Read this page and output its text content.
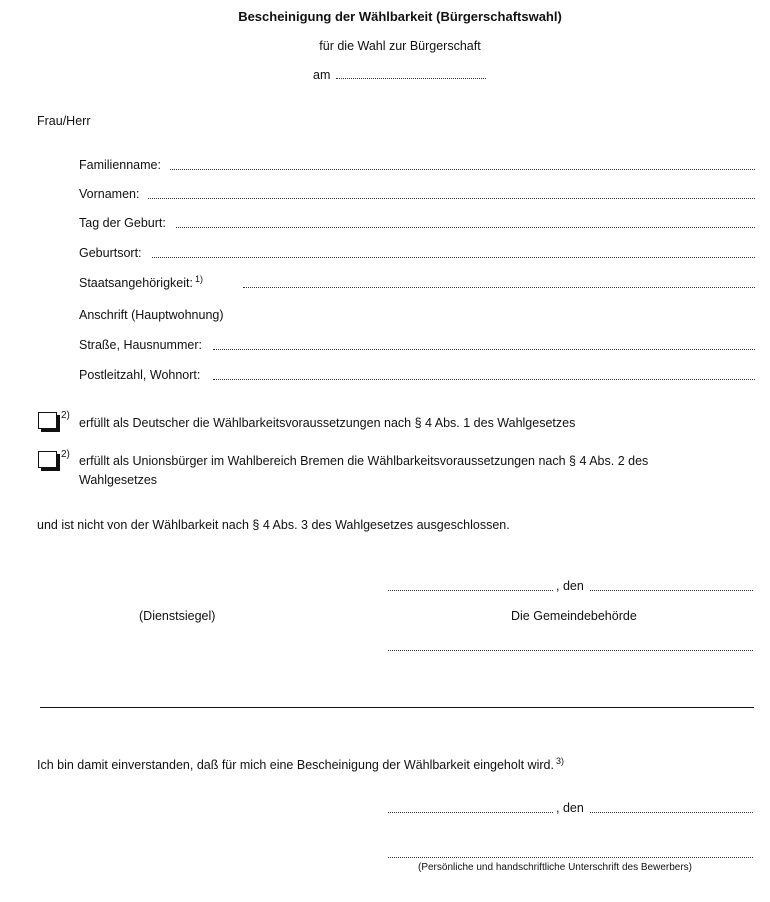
Bescheinigung der Wählbarkeit (Bürgerschaftswahl)
für die Wahl zur Bürgerschaft
am
Frau/Herr
Familienname:
Vornamen:
Tag der Geburt:
Geburtsort:
Staatsangehörigkeit: $^{1)}$
Anschrift (Hauptwohnung)
Straße, Hausnummer:
Postleitzahl, Wohnort:
2)
erfüllt als Deutscher die Wählbarkeitsvoraussetzungen nach § 4 Abs. 1 des Wahlgesetzes
2) erfüllt als Unionsbürger im Wahlbereich Bremen die Wählbarkeitsvoraussetzungen nach § 4 Abs. 2 des
Wahlgesetzes
und ist nicht von der Wählbarkeit nach § 4 Abs. 3 des Wahlgesetzes ausgeschlossen.
, den
(Dienstsiegel)	Die Gemeindebehörde
Ich bin damit einverstanden, daß für mich eine Bescheinigung der Wählbarkeit eingeholt wird. $^{3)}$
, den
(Persönliche und handschriftliche Unterschrift des Bewerbers)
